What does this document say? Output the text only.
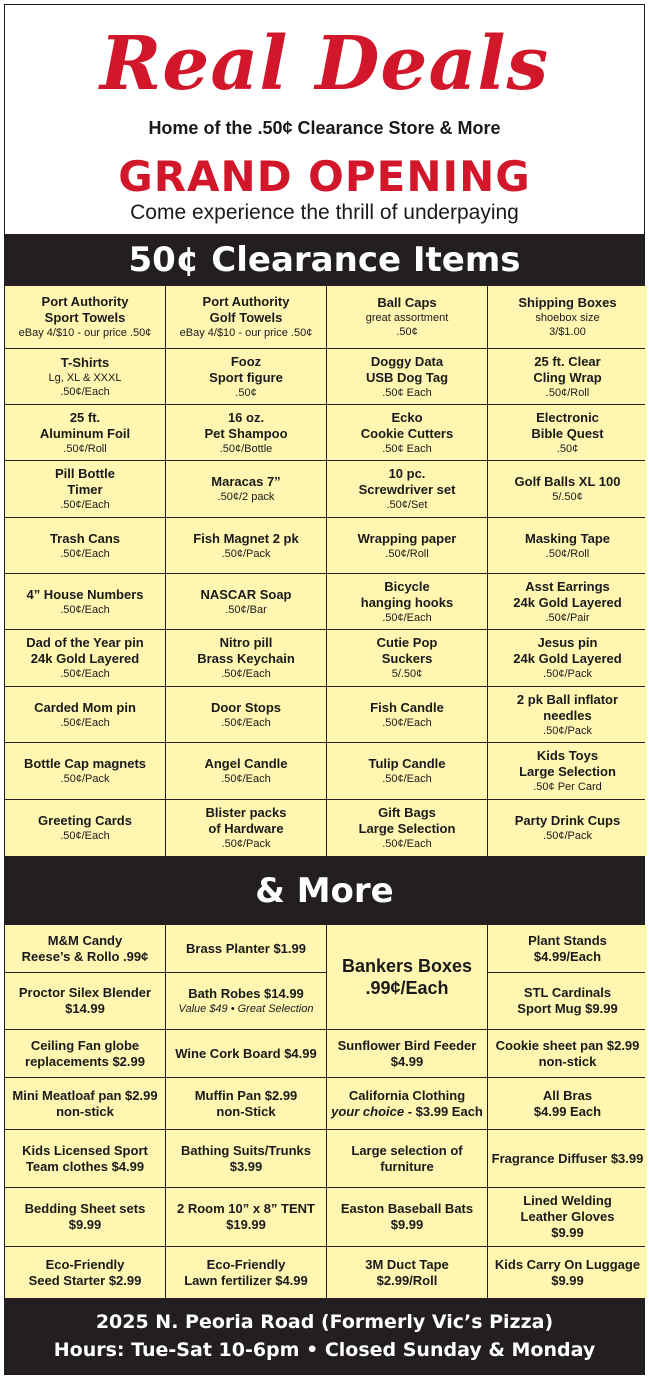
Real Deals
Home of the .50¢ Clearance Store & More
GRAND OPENING
Come experience the thrill of underpaying
50¢ Clearance Items
Port Authority
Sport Towels
eBay 4/$10 - our price .50¢
Port Authority
Golf Towels
eBay 4/$10 - our price .50¢
Ball Caps
great assortment
.50¢
Shipping Boxes
shoebox size
3/$1.00
T-Shirts
Lg, XL & XXXL
.50¢/Each
Fooz
Sport figure
.50¢
Doggy Data
USB Dog Tag
.50¢ Each
25 ft. Clear
Cling Wrap
.50¢/Roll
25 ft.
Aluminum Foil
.50¢/Roll
16 oz.
Pet Shampoo
.50¢/Bottle
Ecko
Cookie Cutters
.50¢ Each
Electronic
Bible Quest
.50¢
Pill Bottle
Timer
.50¢/Each
Maracas 7”
.50¢/2 pack
10 pc.
Screwdriver set
.50¢/Set
Golf Balls XL 100
5/.50¢
Trash Cans
.50¢/Each
Fish Magnet 2 pk
.50¢/Pack
Wrapping paper
.50¢/Roll
Masking Tape
.50¢/Roll
4” House Numbers
.50¢/Each
NASCAR Soap
.50¢/Bar
Bicycle
hanging hooks
.50¢/Each
Asst Earrings
24k Gold Layered
.50¢/Pair
Dad of the Year pin
24k Gold Layered
.50¢/Each
Nitro pill
Brass Keychain
.50¢/Each
Cutie Pop
Suckers
5/.50¢
Jesus pin
24k Gold Layered
.50¢/Pack
Carded Mom pin
.50¢/Each
Door Stops
.50¢/Each
Fish Candle
.50¢/Each
2 pk Ball inflator
needles
.50¢/Pack
Bottle Cap magnets
.50¢/Pack
Angel Candle
.50¢/Each
Tulip Candle
.50¢/Each
Kids Toys
Large Selection
.50¢ Per Card
Greeting Cards
.50¢/Each
Blister packs
of Hardware
.50¢/Pack
Gift Bags
Large Selection
.50¢/Each
Party Drink Cups
.50¢/Pack
& More
M&M Candy
Reese’s & Rollo .99¢
Brass Planter $1.99
Bankers Boxes
.99¢/Each
Plant Stands
$4.99/Each
Proctor Silex Blender
$14.99
Bath Robes $14.99
Value $49 • Great Selection
STL Cardinals
Sport Mug $9.99
Ceiling Fan globe
replacements $2.99
Wine Cork Board $4.99
Sunflower Bird Feeder
$4.99
Cookie sheet pan $2.99
non-stick
Mini Meatloaf pan $2.99
non-stick
Muffin Pan $2.99
non-Stick
California Clothing
your choice - $3.99 Each
All Bras
$4.99 Each
Kids Licensed Sport
Team clothes $4.99
Bathing Suits/Trunks
$3.99
Large selection of
furniture
Fragrance Diffuser $3.99
Bedding Sheet sets
$9.99
2 Room 10” x 8” TENT
$19.99
Easton Baseball Bats
$9.99
Lined Welding
Leather Gloves
$9.99
Eco-Friendly
Seed Starter $2.99
Eco-Friendly
Lawn fertilizer $4.99
3M Duct Tape
$2.99/Roll
Kids Carry On Luggage
$9.99
2025 N. Peoria Road (Formerly Vic’s Pizza)
Hours: Tue-Sat 10-6pm • Closed Sunday & Monday
